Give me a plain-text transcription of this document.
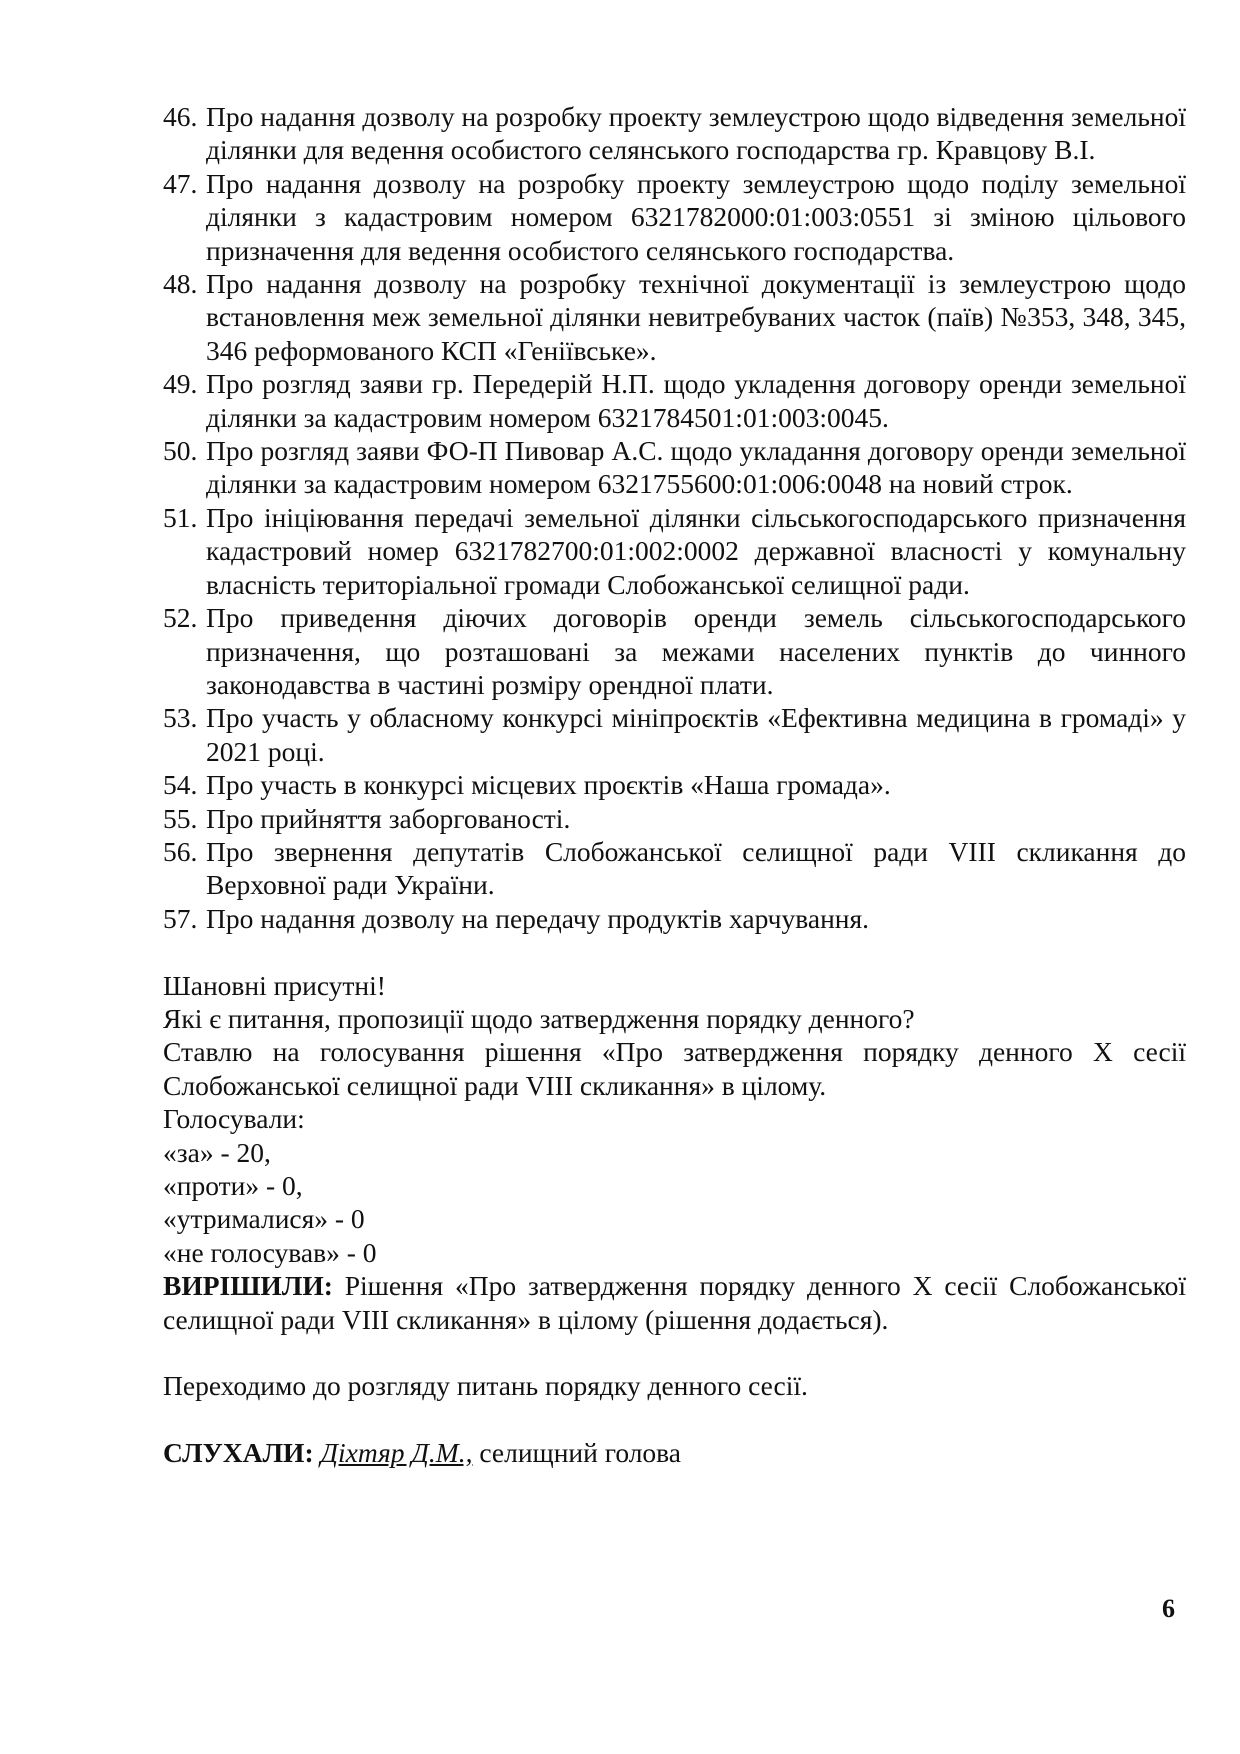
46. Про надання дозволу на розробку проекту землеустрою щодо відведення земельної ділянки для ведення особистого селянського господарства гр. Кравцову В.І.
47. Про надання дозволу на розробку проекту землеустрою щодо поділу земельної ділянки з кадастровим номером 6321782000:01:003:0551 зі зміною цільового призначення для ведення особистого селянського господарства.
48. Про надання дозволу на розробку технічної документації із землеустрою щодо встановлення меж земельної ділянки невитребуваних часток (паїв) №353, 348, 345, 346 реформованого КСП «Геніївське».
49. Про розгляд заяви гр. Передерій Н.П. щодо укладення договору оренди земельної ділянки за кадастровим номером 6321784501:01:003:0045.
50. Про розгляд заяви ФО-П Пивовар А.С. щодо укладання договору оренди земельної ділянки за кадастровим номером 6321755600:01:006:0048 на новий строк.
51. Про ініціювання передачі земельної ділянки сільськогосподарського призначення кадастровий номер 6321782700:01:002:0002 державної власності у комунальну власність територіальної громади Слобожанської селищної ради.
52. Про приведення діючих договорів оренди земель сільськогосподарського призначення, що розташовані за межами населених пунктів до чинного законодавства в частині розміру орендної плати.
53. Про участь у обласному конкурсі мініпроєктів «Ефективна медицина в громаді» у 2021 році.
54. Про участь в конкурсі місцевих проєктів «Наша громада».
55. Про прийняття заборгованості.
56. Про звернення депутатів Слобожанської селищної ради VIII скликання до Верховної ради України.
57. Про надання дозволу на передачу продуктів харчування.
Шановні присутні!
Які є питання, пропозиції щодо затвердження порядку денного?
Ставлю на голосування рішення «Про затвердження порядку денного Х сесії Слобожанської селищної ради VIII скликання» в цілому.
Голосували:
«за» - 20,
«проти» - 0,
«утрималися» - 0
«не голосував» - 0
ВИРІШИЛИ: Рішення «Про затвердження порядку денного Х сесії Слобожанської селищної ради VIII скликання» в цілому (рішення додається).
Переходимо до розгляду питань порядку денного сесії.
СЛУХАЛИ: Діхтяр Д.М., селищний голова
6
